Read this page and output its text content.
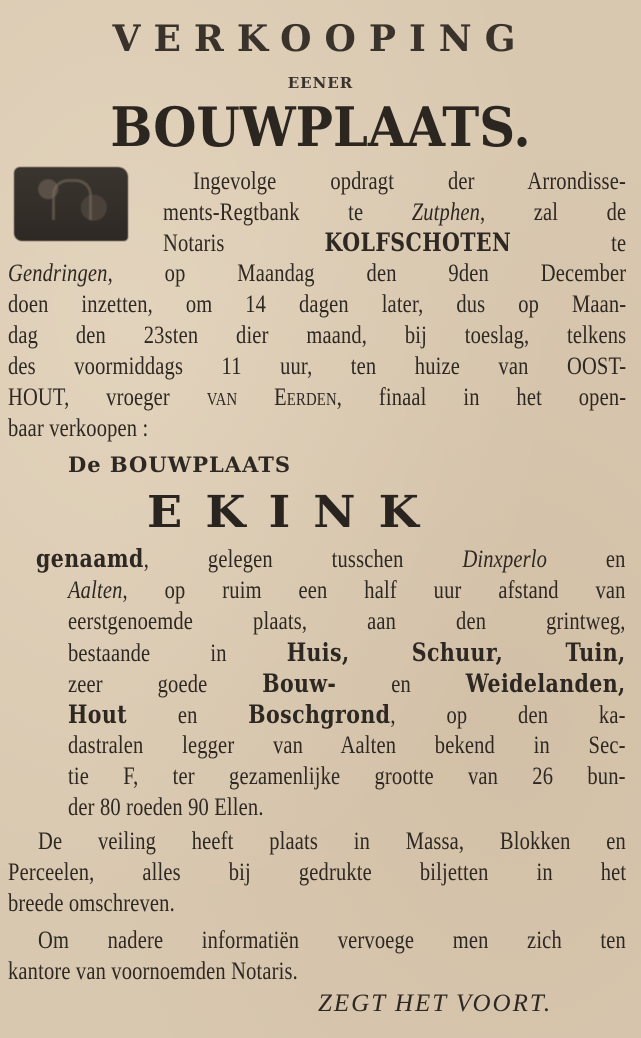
VERKOOPING
EENER
BOUWPLAATS.
Ingevolge opdragt der Arrondisse-
ments-Regtbank te Zutphen, zal de
Notaris KOLFSCHOTEN te
Gendringen, op Maandag den 9den December
doen inzetten, om 14 dagen later, dus op Maan-
dag den 23sten dier maand, bij toeslag, telkens
des voormiddags 11 uur, ten huize van OOST-
HOUT, vroeger van Eerden, finaal in het open-
baar verkoopen :
De BOUWPLAATS
EKINK
genaamd, gelegen tusschen Dinxperlo en
Aalten, op ruim een half uur afstand van
eerstgenoemde plaats, aan den grintweg,
bestaande in Huis, Schuur, Tuin,
zeer goede Bouw- en Weidelanden,
Hout en Boschgrond, op den ka-
dastralen legger van Aalten bekend in Sec-
tie F, ter gezamenlijke grootte van 26 bun-
der 80 roeden 90 Ellen.
De veiling heeft plaats in Massa, Blokken en
Perceelen, alles bij gedrukte biljetten in het
breede omschreven.
Om nadere informatiën vervoege men zich ten
kantore van voornoemden Notaris.
ZEGT HET VOORT.
